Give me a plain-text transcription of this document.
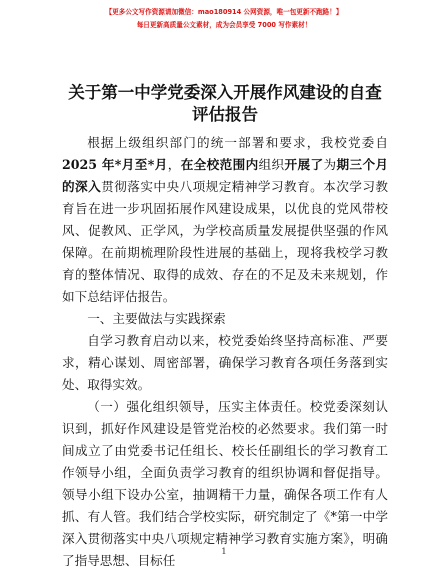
【更多公文写作资源请加微信：mao180914 公网资源，唯一包更新不跑路！】
每日更新高质量公文素材，成为会员享受 7000 写作素材！
关于第一中学党委深入开展作风建设的自查评估报告

根据上级组织部门的统一部署和要求，我校党委自 2025 年*月至*月，在全校范围内组织开展了为期三个月的深入贯彻落实中央八项规定精神学习教育。本次学习教育旨在进一步巩固拓展作风建设成果，以优良的党风带校风、促教风、正学风，为学校高质量发展提供坚强的作风保障。在前期梳理阶段性进展的基础上，现将我校学习教育的整体情况、取得的成效、存在的不足及未来规划，作如下总结评估报告。

一、主要做法与实践探索

自学习教育启动以来，校党委始终坚持高标准、严要求，精心谋划、周密部署，确保学习教育各项任务落到实处、取得实效。

（一）强化组织领导，压实主体责任。校党委深刻认识到，抓好作风建设是管党治校的必然要求。我们第一时间成立了由党委书记任组长、校长任副组长的学习教育工作领导小组，全面负责学习教育的组织协调和督促指导。领导小组下设办公室，抽调精干力量，确保各项工作有人抓、有人管。我们结合学校实际，研究制定了《*第一中学深入贯彻落实中央八项规定精神学习教育实施方案》，明确了指导思想、目标任

1
